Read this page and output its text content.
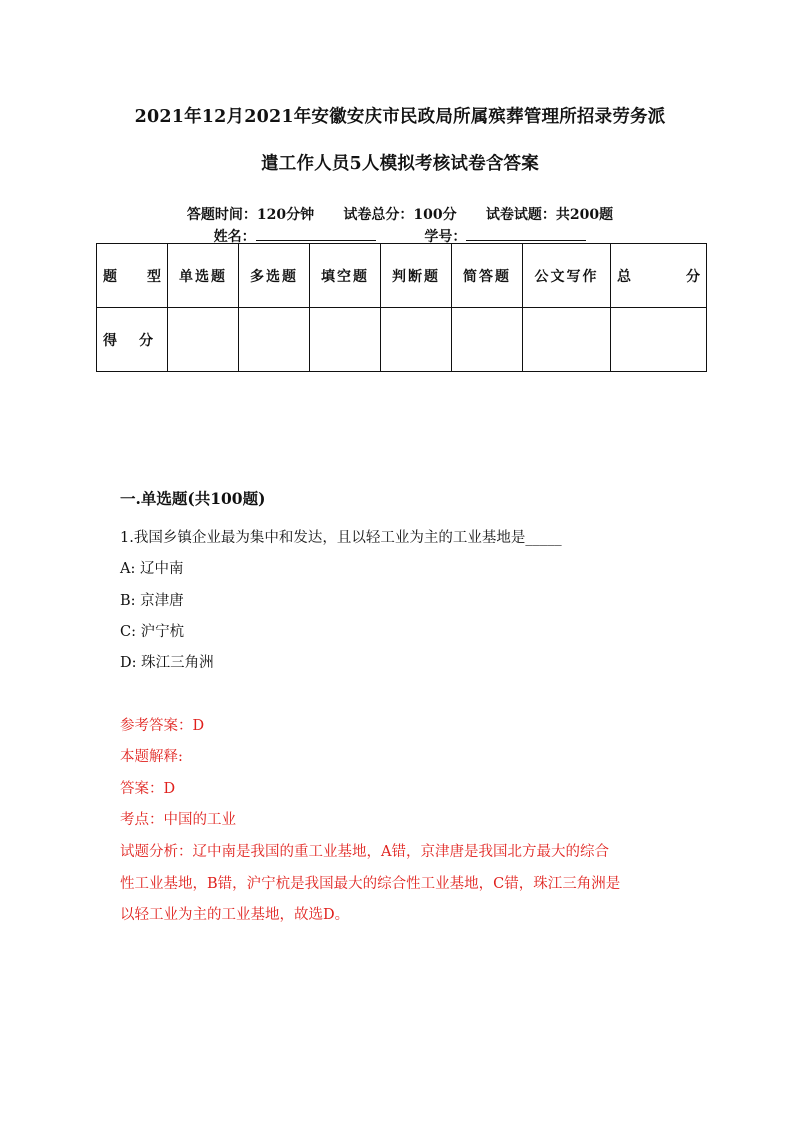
2021年12月2021年安徽安庆市民政局所属殡葬管理所招录劳务派
遣工作人员5人模拟考核试卷含答案
答题时间：120分钟 试卷总分：100分 试卷试题：共200题
姓名：	学号：
题 型	单选题	多选题	填空题	判断题	简答题	公文写作	总 分

得 分							

一.单选题(共100题)
1.我国乡镇企业最为集中和发达，且以轻工业为主的工业基地是_____
A: 辽中南
B: 京津唐
C: 沪宁杭
D: 珠江三角洲
参考答案：D
本题解释:
答案：D
考点：中国的工业
试题分析：辽中南是我国的重工业基地，A错，京津唐是我国北方最大的综合
性工业基地，B错，沪宁杭是我国最大的综合性工业基地，C错，珠江三角洲是
以轻工业为主的工业基地，故选D。
